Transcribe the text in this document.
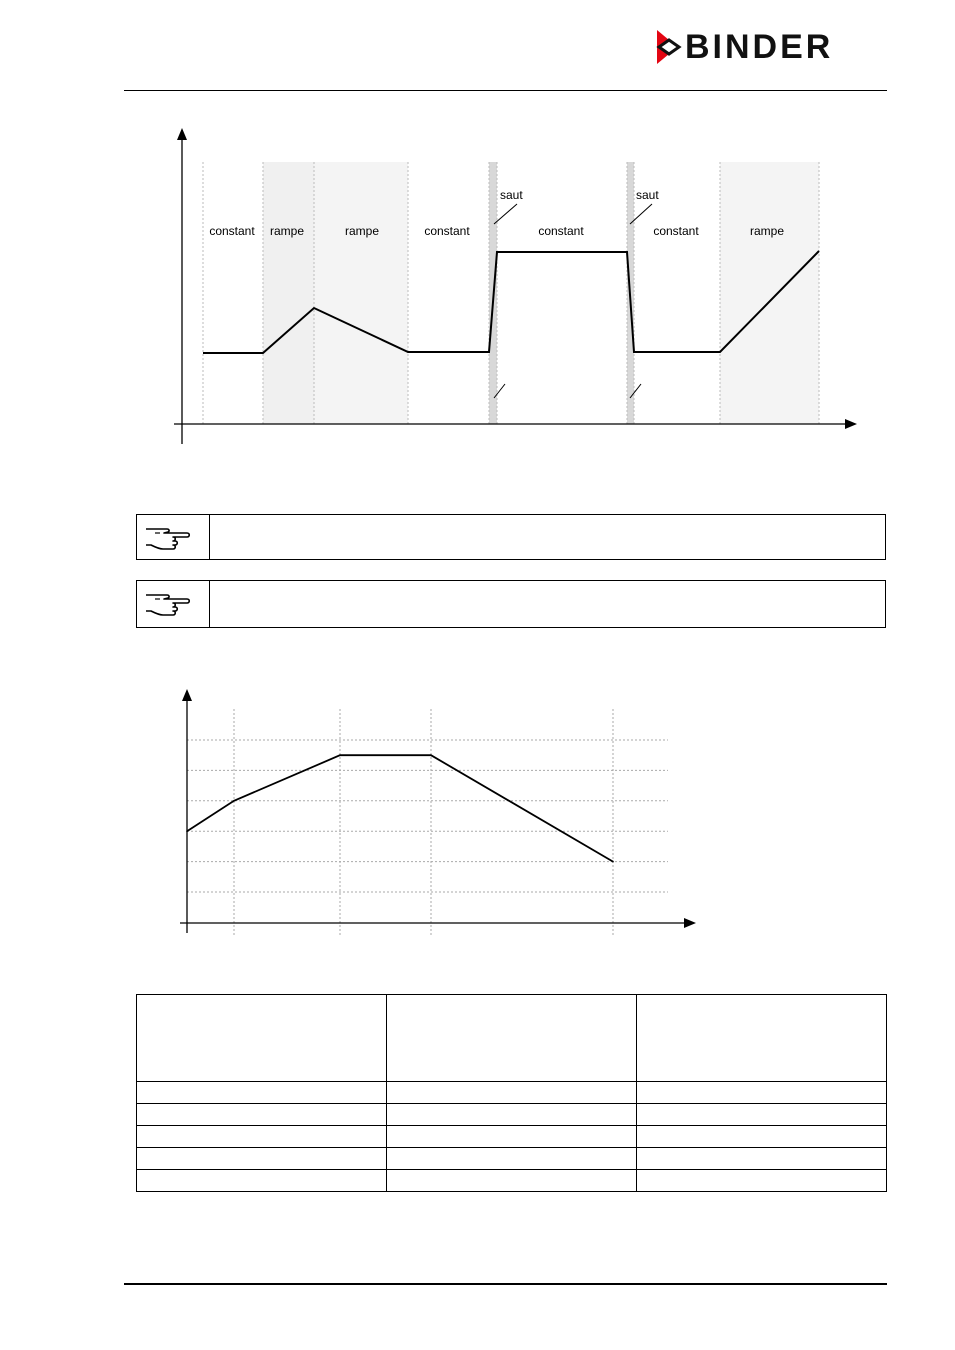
BINDER
constant rampe	rampe	constant	constant	constant	rampe
saut	saut
